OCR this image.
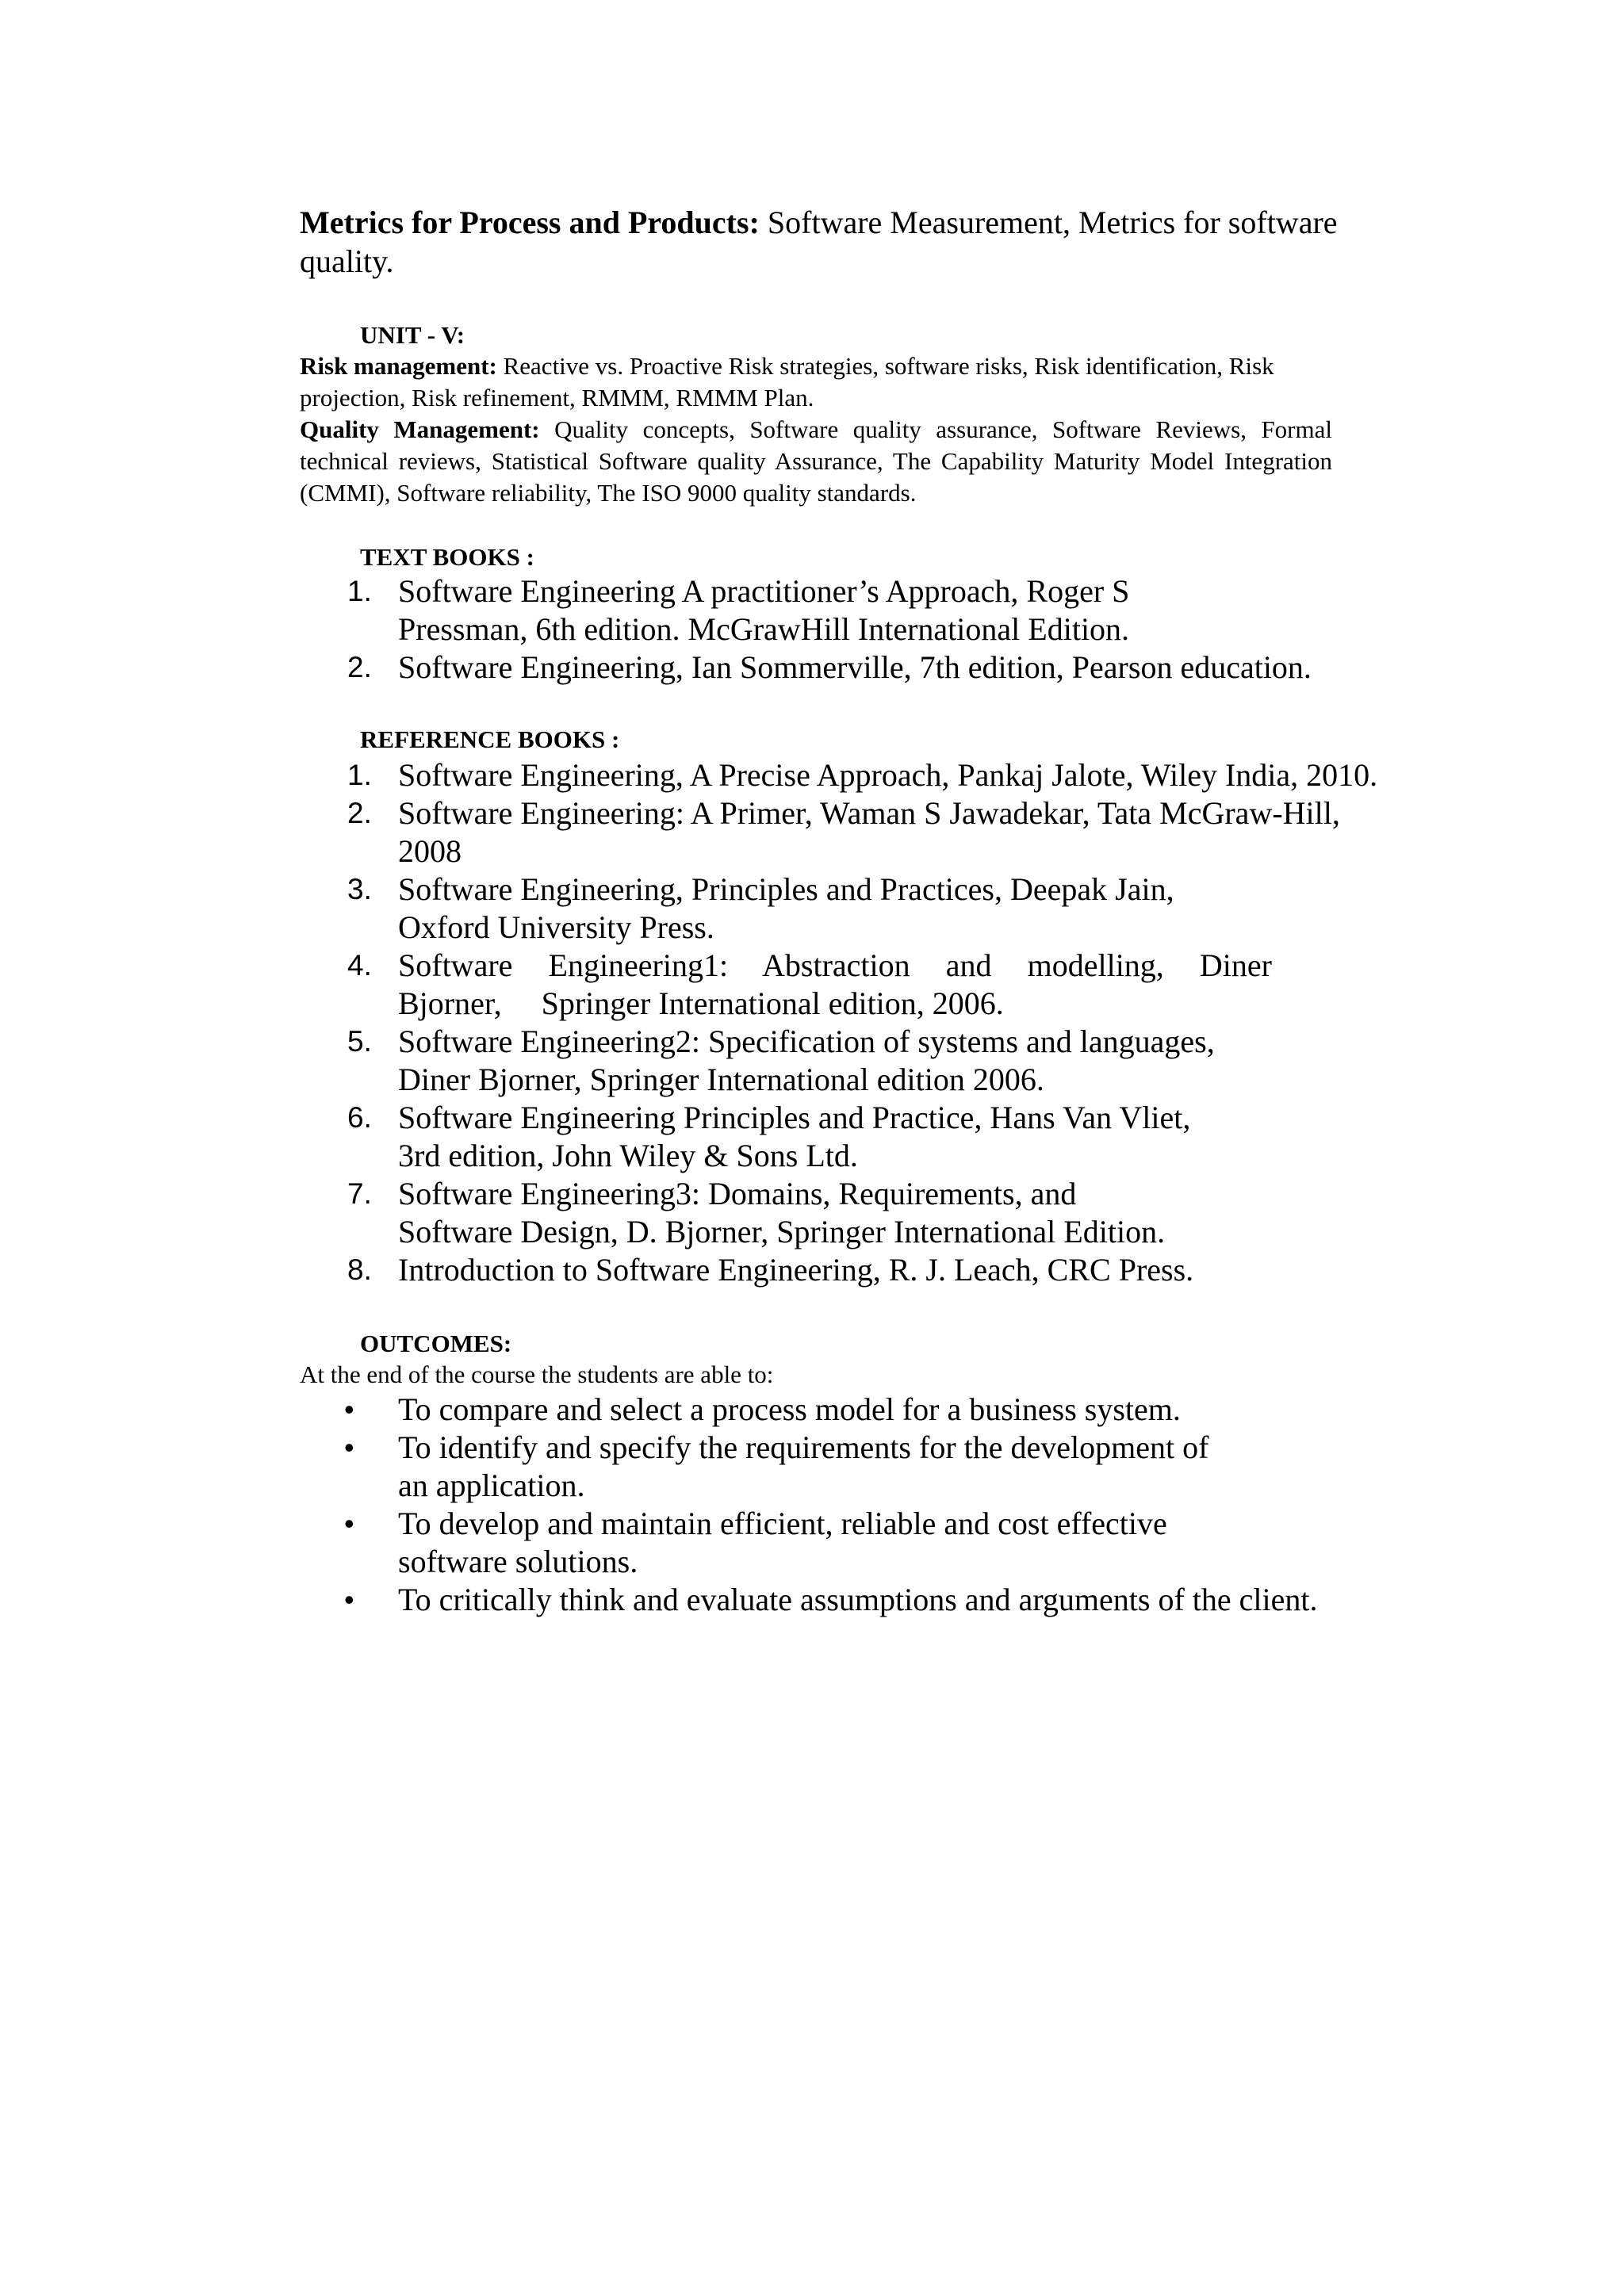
Metrics for Process and Products: Software Measurement, Metrics for software quality.
UNIT - V:
Risk management: Reactive vs. Proactive Risk strategies, software risks, Risk identification, Risk projection, Risk refinement, RMMM, RMMM Plan.
Quality Management: Quality concepts, Software quality assurance, Software Reviews, Formal technical reviews, Statistical Software quality Assurance, The Capability Maturity Model Integration (CMMI), Software reliability, The ISO 9000 quality standards.
TEXT BOOKS :
1. Software Engineering A practitioner’s Approach, Roger S
Pressman, 6th edition. McGrawHill International Edition.
2. Software Engineering, Ian Sommerville, 7th edition, Pearson education.
REFERENCE BOOKS :
1. Software Engineering, A Precise Approach, Pankaj Jalote, Wiley India, 2010.
2. Software Engineering: A Primer, Waman S Jawadekar, Tata McGraw-Hill,
2008
3. Software Engineering, Principles and Practices, Deepak Jain,
Oxford University Press.
4. Software Engineering1: Abstraction and modelling, Diner
Bjorner,     Springer International edition, 2006.
5. Software Engineering2: Specification of systems and languages,
Diner Bjorner, Springer International edition 2006.
6. Software Engineering Principles and Practice, Hans Van Vliet,
3rd edition, John Wiley & Sons Ltd.
7. Software Engineering3: Domains, Requirements, and
Software Design, D. Bjorner, Springer International Edition.
8. Introduction to Software Engineering, R. J. Leach, CRC Press.
OUTCOMES:
At the end of the course the students are able to:
• To compare and select a process model for a business system.
• To identify and specify the requirements for the development of
an application.
• To develop and maintain efficient, reliable and cost effective
software solutions.
• To critically think and evaluate assumptions and arguments of the client.
